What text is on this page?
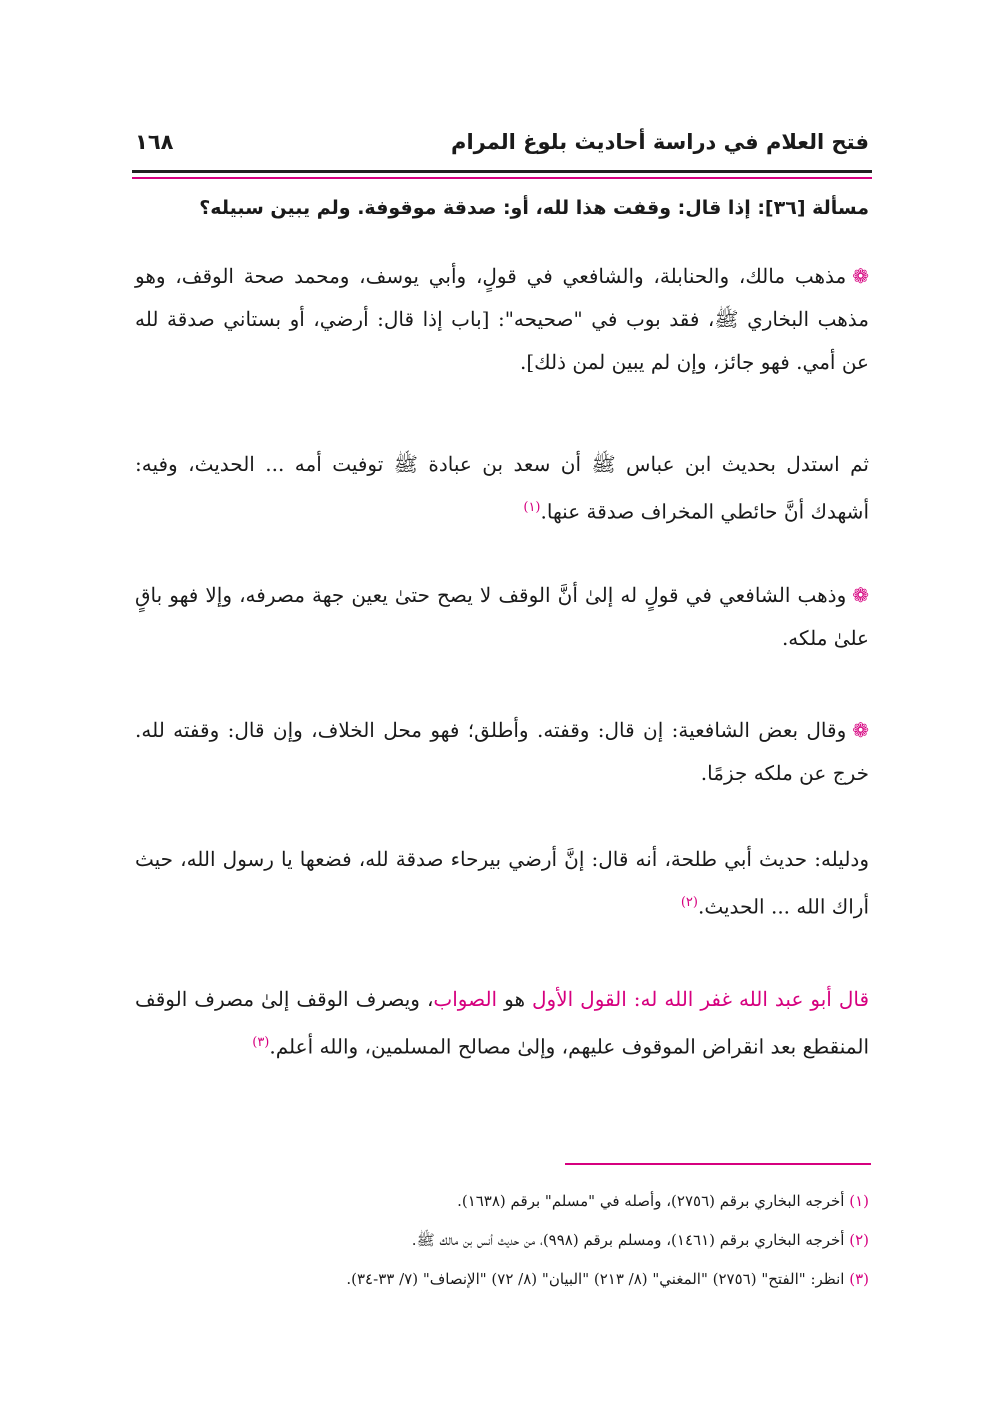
فتح العلام في دراسة أحاديث بلوغ المرام
١٦٨
مسألة [٣٦]: إذا قال: وقفت هذا لله، أو: صدقة موقوفة. ولم يبين سبيله؟
❁مذهب مالك، والحنابلة، والشافعي في قولٍ، وأبي يوسف، ومحمد صحة الوقف، وهو مذهب البخاري ﷺ، فقد بوب في "صحيحه": [باب إذا قال: أرضي، أو بستاني صدقة لله عن أمي. فهو جائز، وإن لم يبين لمن ذلك].
ثم استدل بحديث ابن عباس ﷺ أن سعد بن عبادة ﷺ توفيت أمه ... الحديث، وفيه: أشهدك أنَّ حائطي المخراف صدقة عنها.$^{(١)}$
❁وذهب الشافعي في قولٍ له إلىٰ أنَّ الوقف لا يصح حتىٰ يعين جهة مصرفه، وإلا فهو باقٍ علىٰ ملكه.
❁وقال بعض الشافعية: إن قال: وقفته. وأطلق؛ فهو محل الخلاف، وإن قال: وقفته لله. خرج عن ملكه جزمًا.
ودليله: حديث أبي طلحة، أنه قال: إنَّ أرضي بيرحاء صدقة لله، فضعها يا رسول الله، حيث أراك الله ... الحديث.$^{(٢)}$
قال أبو عبد الله غفر الله له: القول الأول هو الصواب، ويصرف الوقف إلىٰ مصرف الوقف المنقطع بعد انقراض الموقوف عليهم، وإلىٰ مصالح المسلمين، والله أعلم.$^{(٣)}$
(١) أخرجه البخاري برقم (٢٧٥٦)، وأصله في "مسلم" برقم (١٦٣٨).
(٢) أخرجه البخاري برقم (١٤٦١)، ومسلم برقم (٩٩٨)، من حديث أنس بن مالك ﷺ.
(٣) انظر: "الفتح" (٢٧٥٦) "المغني" (٨/ ٢١٣) "البيان" (٨/ ٧٢) "الإنصاف" (٧/ ٣٣-٣٤).
